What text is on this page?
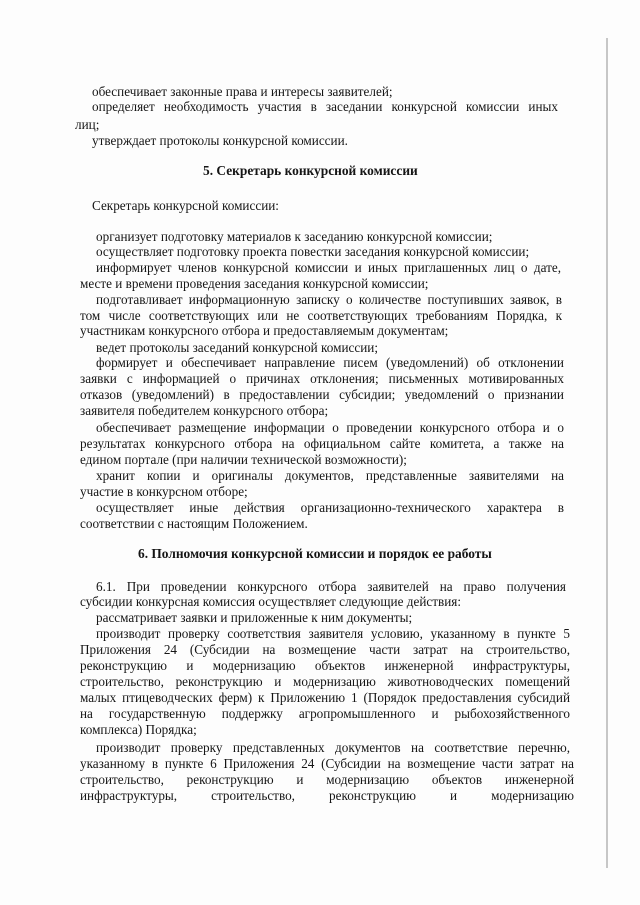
обеспечивает законные права и интересы заявителей;
определяет необходимость участия в заседании конкурсной комиссии иных
лиц;
утверждает протоколы конкурсной комиссии.
5. Секретарь конкурсной комиссии
Секретарь конкурсной комиссии:
организует подготовку материалов к заседанию конкурсной комиссии;
осуществляет подготовку проекта повестки заседания конкурсной комиссии;
информирует членов конкурсной комиссии и иных приглашенных лиц о дате,
месте и времени проведения заседания конкурсной комиссии;
подготавливает информационную записку о количестве поступивших заявок, в
том числе соответствующих или не соответствующих требованиям Порядка, к
участникам конкурсного отбора и предоставляемым документам;
ведет протоколы заседаний конкурсной комиссии;
формирует и обеспечивает направление писем (уведомлений) об отклонении
заявки с информацией о причинах отклонения; письменных мотивированных
отказов (уведомлений) в предоставлении субсидии; уведомлений о признании
заявителя победителем конкурсного отбора;
обеспечивает размещение информации о проведении конкурсного отбора и о
результатах конкурсного отбора на официальном сайте комитета, а также на
едином портале (при наличии технической возможности);
хранит копии и оригиналы документов, представленные заявителями на
участие в конкурсном отборе;
осуществляет иные действия организационно-технического характера в
соответствии с настоящим Положением.
6. Полномочия конкурсной комиссии и порядок ее работы
6.1. При проведении конкурсного отбора заявителей на право получения
субсидии конкурсная комиссия осуществляет следующие действия:
рассматривает заявки и приложенные к ним документы;
производит проверку соответствия заявителя условию, указанному в пункте 5
Приложения 24 (Субсидии на возмещение части затрат на строительство,
реконструкцию и модернизацию объектов инженерной инфраструктуры,
строительство, реконструкцию и модернизацию животноводческих помещений
малых птицеводческих ферм) к Приложению 1 (Порядок предоставления субсидий
на государственную поддержку агропромышленного и рыбохозяйственного
комплекса) Порядка;
производит проверку представленных документов на соответствие перечню,
указанному в пункте 6 Приложения 24 (Субсидии на возмещение части затрат на
строительство, реконструкцию и модернизацию объектов инженерной
инфраструктуры, строительство, реконструкцию и модернизацию
